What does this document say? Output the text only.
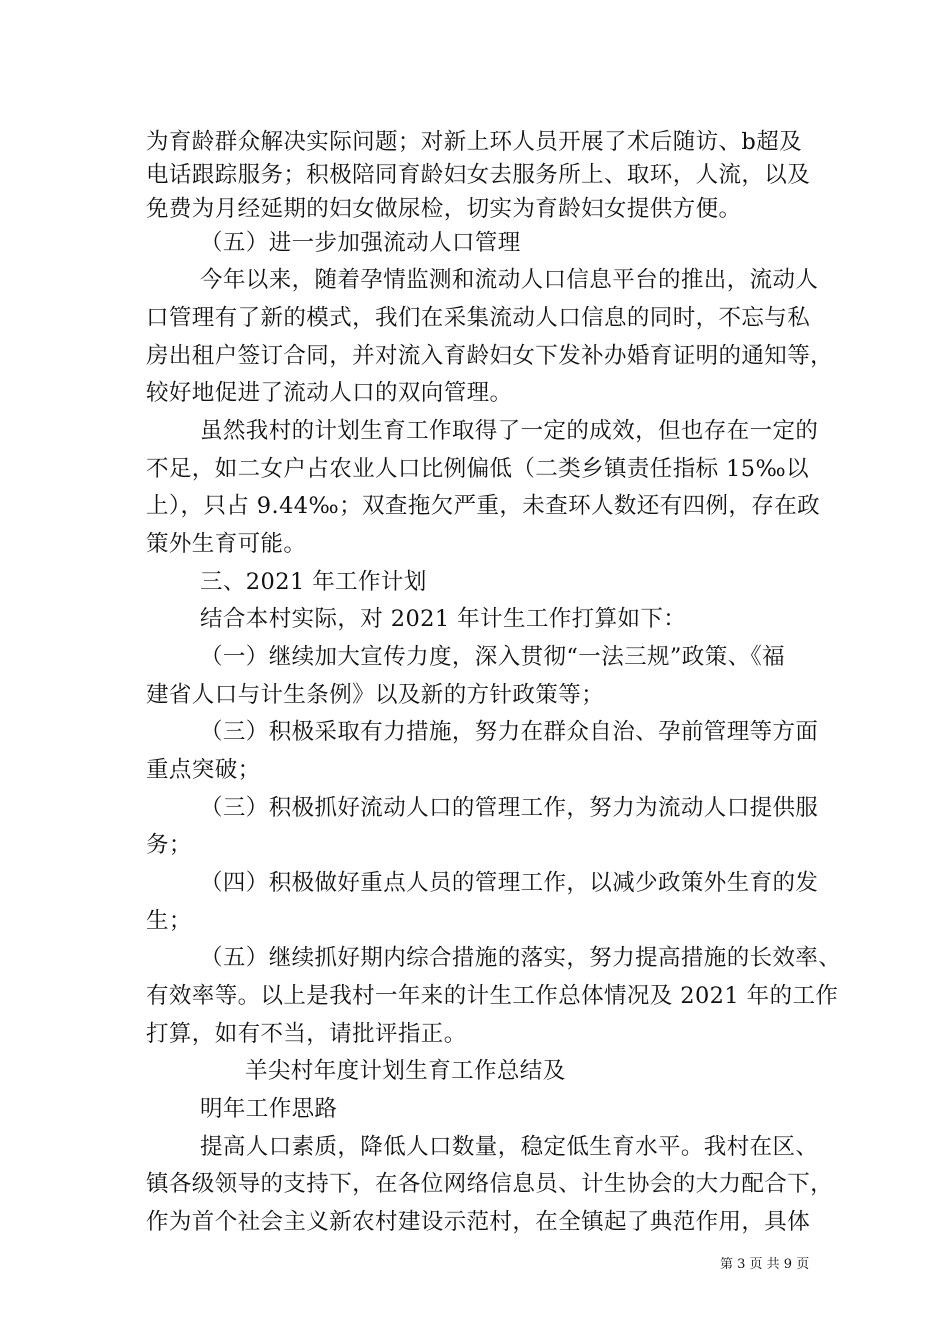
为育龄群众解决实际问题；对新上环人员开展了术后随访、b超及
电话跟踪服务；积极陪同育龄妇女去服务所上、取环，人流，以及
免费为月经延期的妇女做尿检，切实为育龄妇女提供方便。
（五）进一步加强流动人口管理
今年以来，随着孕情监测和流动人口信息平台的推出，流动人
口管理有了新的模式，我们在采集流动人口信息的同时，不忘与私
房出租户签订合同，并对流入育龄妇女下发补办婚育证明的通知等，
较好地促进了流动人口的双向管理。
虽然我村的计划生育工作取得了一定的成效，但也存在一定的
不足，如二女户占农业人口比例偏低（二类乡镇责任指标 15‰以
上），只占 9.44‰；双查拖欠严重，未查环人数还有四例，存在政
策外生育可能。
三、2021 年工作计划
结合本村实际，对 2021 年计生工作打算如下：
（一）继续加大宣传力度，深入贯彻“一法三规”政策、《福
建省人口与计生条例》以及新的方针政策等；
（三）积极采取有力措施，努力在群众自治、孕前管理等方面
重点突破；
（三）积极抓好流动人口的管理工作，努力为流动人口提供服
务；
（四）积极做好重点人员的管理工作，以减少政策外生育的发
生；
（五）继续抓好期内综合措施的落实，努力提高措施的长效率、
有效率等。以上是我村一年来的计生工作总体情况及 2021 年的工作
打算，如有不当，请批评指正。
羊尖村年度计划生育工作总结及
明年工作思路
提高人口素质，降低人口数量，稳定低生育水平。我村在区、
镇各级领导的支持下，在各位网络信息员、计生协会的大力配合下，
作为首个社会主义新农村建设示范村，在全镇起了典范作用，具体
第 3 页 共 9 页
